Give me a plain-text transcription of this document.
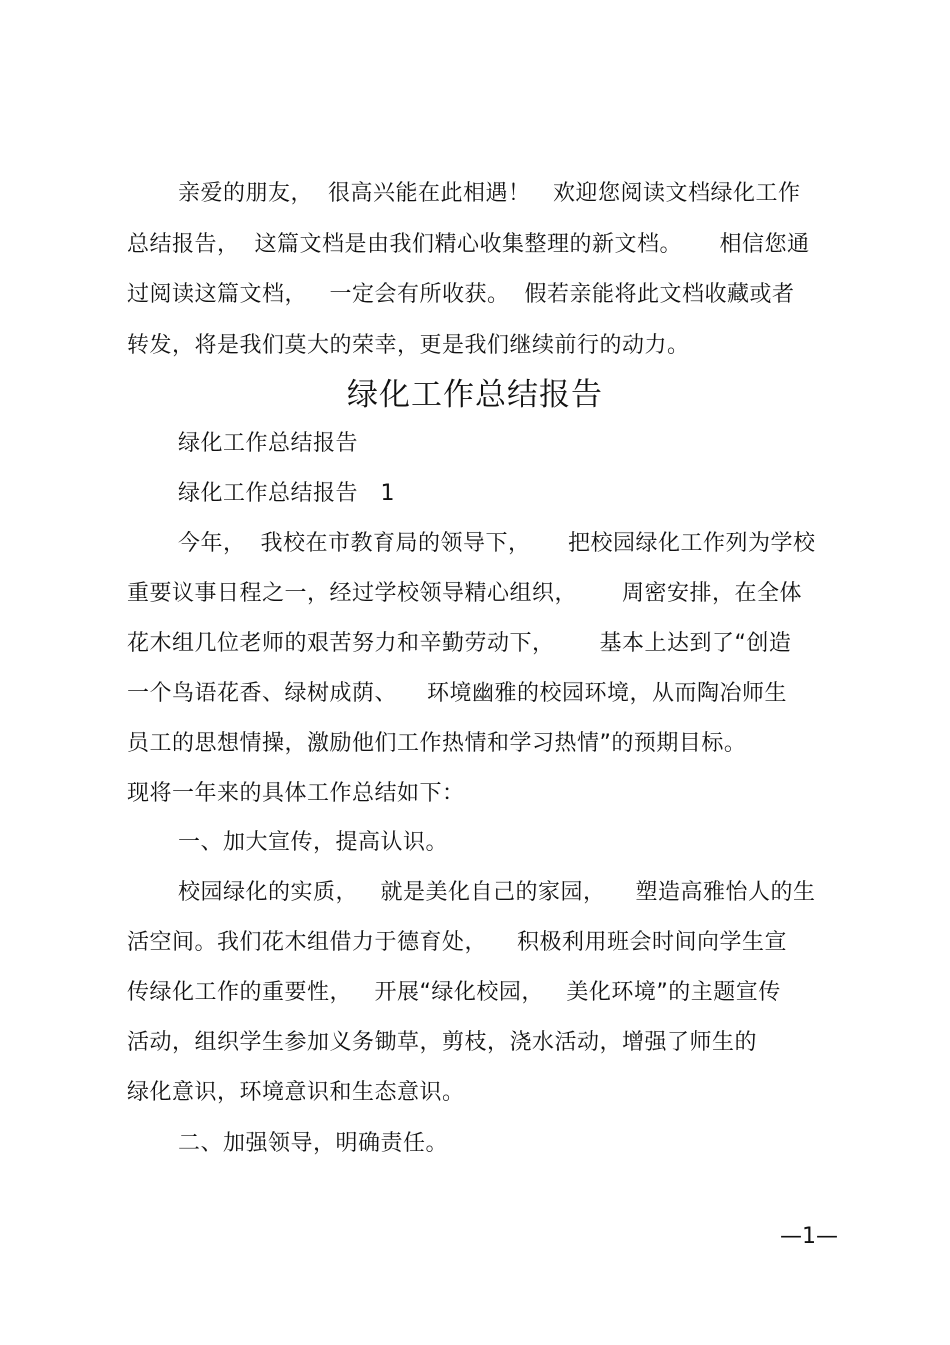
亲爱的朋友，  很高兴能在此相遇！   欢迎您阅读文档绿化工作
总结报告，  这篇文档是由我们精心收集整理的新文档。     相信您通
过阅读这篇文档，   一定会有所收获。  假若亲能将此文档收藏或者
转发，将是我们莫大的荣幸，更是我们继续前行的动力。
绿化工作总结报告
绿化工作总结报告
绿化工作总结报告   1
今年，  我校在市教育局的领导下，     把校园绿化工作列为学校
重要议事日程之一，经过学校领导精心组织，      周密安排，在全体
花木组几位老师的艰苦努力和辛勤劳动下，      基本上达到了“创造
一个鸟语花香、绿树成荫、    环境幽雅的校园环境，从而陶冶师生
员工的思想情操，激励他们工作热情和学习热情”的预期目标。
现将一年来的具体工作总结如下：
一、加大宣传，提高认识。
校园绿化的实质，   就是美化自己的家园，    塑造高雅怡人的生
活空间。我们花木组借力于德育处，    积极利用班会时间向学生宣
传绿化工作的重要性，   开展“绿化校园，   美化环境”的主题宣传
活动，组织学生参加义务锄草，剪枝，浇水活动，增强了师生的
绿化意识，环境意识和生态意识。
二、加强领导，明确责任。
—1—
